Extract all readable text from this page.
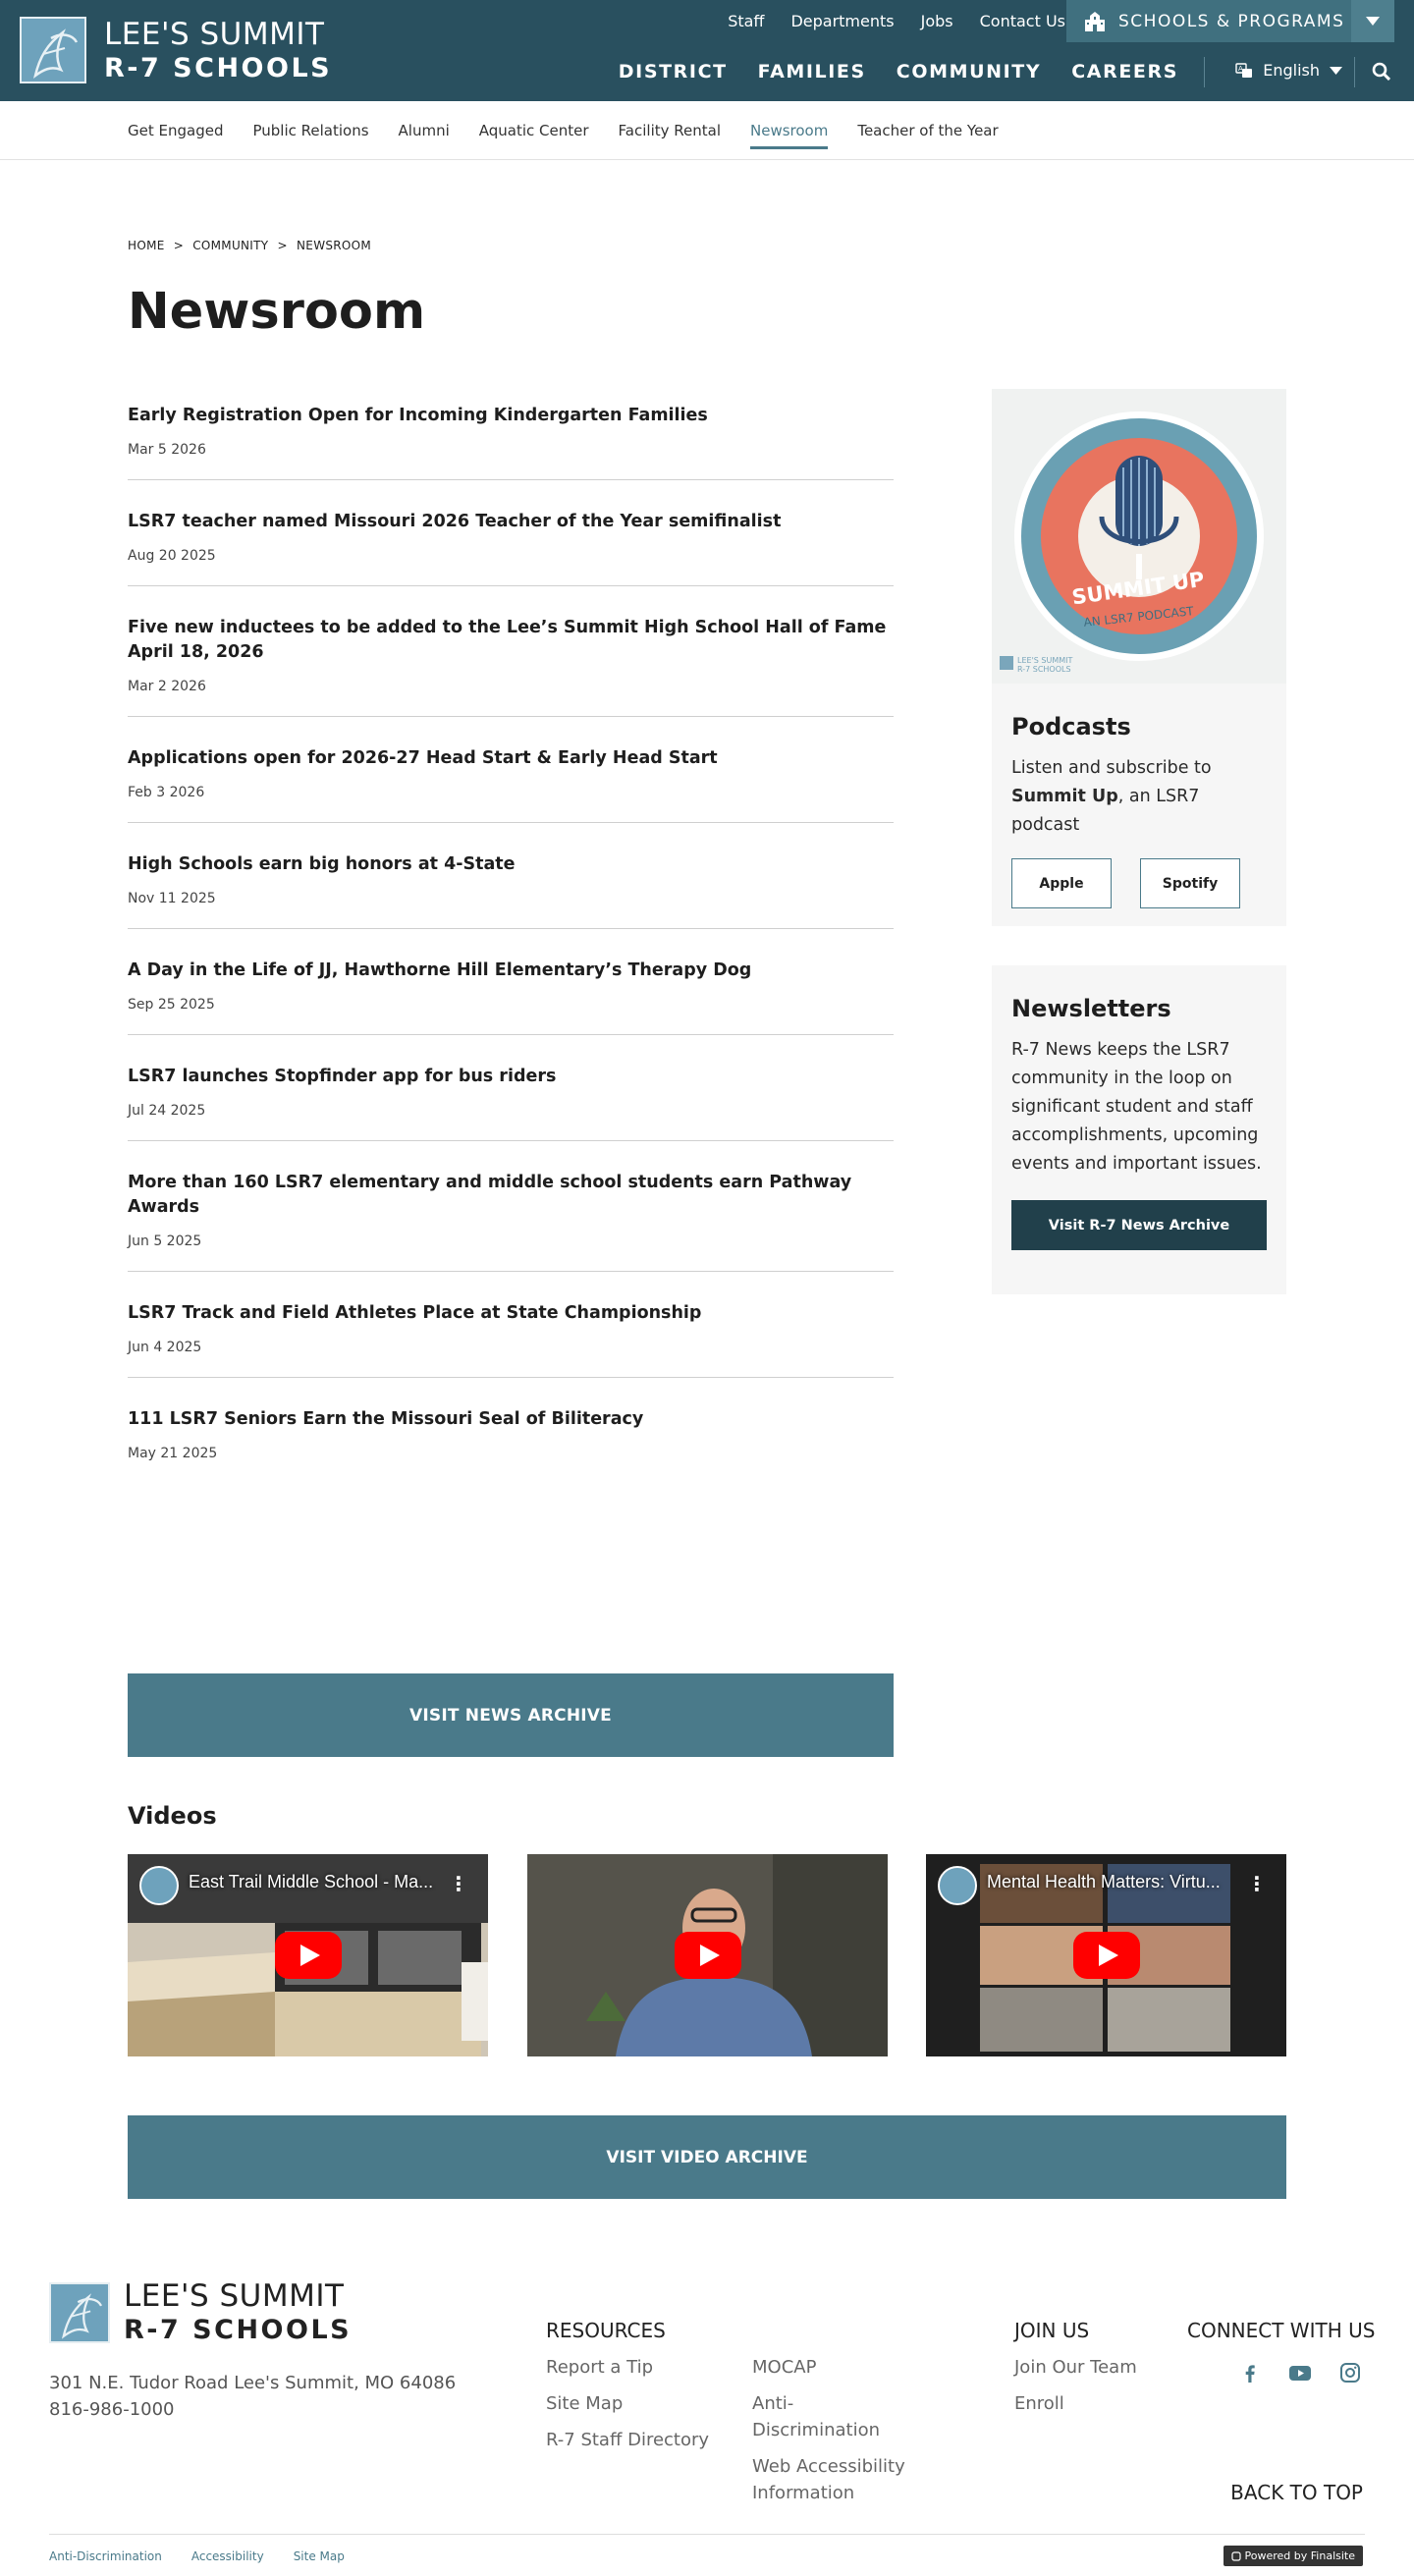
LEE'S SUMMIT
R-7 SCHOOLS
Staff Departments Jobs Contact Us	SCHOOLS & PROGRAMS
DISTRICT FAMILIES COMMUNITY CAREERS	A English
Get Engaged Public Relations Alumni Aquatic Center Facility Rental Newsroom Teacher of the Year
HOME > COMMUNITY > NEWSROOM
Newsroom
Early Registration Open for Incoming Kindergarten Families
Mar 5 2026
LSR7 teacher named Missouri 2026 Teacher of the Year semifinalist
Aug 20 2025
Five new inductees to be added to the Lee’s Summit High School Hall of Fame April 18, 2026
Mar 2 2026
Applications open for 2026-27 Head Start & Early Head Start
Feb 3 2026
High Schools earn big honors at 4-State
Nov 11 2025
A Day in the Life of JJ, Hawthorne Hill Elementary’s Therapy Dog
Sep 25 2025
LSR7 launches Stopfinder app for bus riders
Jul 24 2025
More than 160 LSR7 elementary and middle school students earn Pathway Awards
Jun 5 2025
LSR7 Track and Field Athletes Place at State Championship
Jun 4 2025
111 LSR7 Seniors Earn the Missouri Seal of Biliteracy
May 21 2025
VISIT NEWS ARCHIVE
SUMMIT UP
AN LSR7 PODCAST
LEE'S SUMMIT
R-7 SCHOOLS
Podcasts

Listen and subscribe to Summit Up, an LSR7 podcast

Apple	Spotify
Newsletters

R-7 News keeps the LSR7 community in the loop on significant student and staff accomplishments, upcoming events and important issues.

Visit R-7 News Archive
Videos
East Trail Middle School - Ma... ⋮	Mental Health Matters: Virtu... ⋮
VISIT VIDEO ARCHIVE
LEE'S SUMMIT
R-7 SCHOOLS
301 N.E. Tudor Road Lee's Summit, MO 64086
816-986-1000
RESOURCES
Report a Tip
Site Map
R-7 Staff Directory
MOCAP
Anti-Discrimination
Web Accessibility Information
JOIN US
Join Our Team
Enroll
CONNECT WITH US
BACK TO TOP
Anti-Discrimination	Accessibility	Site Map	Powered by Finalsite
